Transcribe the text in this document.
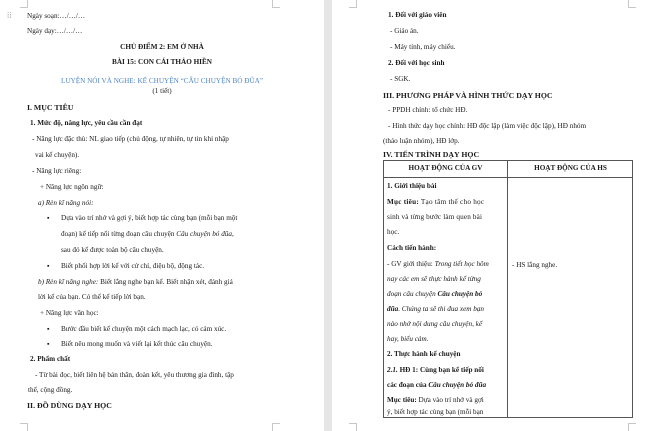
⁞⁞ Ngày soạn:…/…/…
Ngày dạy:…/…/…
CHỦ ĐIỂM 2: EM Ở NHÀ
BÀI 15: CON CÁI THẢO HIỀN
LUYỆN NÓI VÀ NGHE: KỂ CHUYỆN “CÂU CHUYỆN BÓ ĐŨA”
(1 tiết)
I. MỤC TIÊU
1. Mức độ, năng lực, yêu cầu cần đạt
- Năng lực đặc thù: NL giao tiếp (chủ động, tự nhiên, tự tin khi nhập
vai kể chuyện).
- Năng lực riêng:
+ Năng lực ngôn ngữ:
a) Rèn kĩ năng nói:
▪ Dựa vào trí nhớ và gợi ý, biết hợp tác cùng bạn (mỗi bạn một
đoạn) kể tiếp nối từng đoạn câu chuyện Câu chuyện bó đũa,
sau đó kể được toàn bộ câu chuyện.
▪ Biết phối hợp lời kể với cử chỉ, điệu bộ, động tác.
b) Rèn kĩ năng nghe: Biết lắng nghe bạn kể. Biết nhận xét, đánh giá
lời kể của bạn. Có thể kể tiếp lời bạn.
+ Năng lực văn học:
▪ Bước đầu biết kể chuyện một cách mạch lạc, có cảm xúc.
▪ Biết nêu mong muốn và viết lại kết thúc câu chuyện.
2. Phẩm chất
- Từ bài đọc, biết liên hệ bản thân, đoàn kết, yêu thương gia đình, tập
thể, cộng đồng.
II. ĐỒ DÙNG DẠY HỌC
1. Đối với giáo viên
- Giáo án.
- Máy tính, máy chiếu.
2. Đối với học sinh
- SGK.
III. PHƯƠNG PHÁP VÀ HÌNH THỨC DẠY HỌC
- PPDH chính: tổ chức HĐ.
- Hình thức dạy học chính: HĐ độc lập (làm việc độc lập), HĐ nhóm
(thảo luận nhóm), HĐ lớp.
IV. TIẾN TRÌNH DẠY HỌC
HOẠT ĐỘNG CỦA GV	HOẠT ĐỘNG CỦA HS
1. Giới thiệu bài
Mục tiêu: Tạo tâm thế cho học
sinh và từng bước làm quen bài
học.
Cách tiến hành:
- GV giới thiệu: Trong tiết học hôm
nay các em sẽ thực hành kể từng
đoạn câu chuyện Câu chuyện bó
đũa. Chúng ta sẽ thi đua xem bạn
nào nhớ nội dung câu chuyện, kể
hay, biểu cảm.
2. Thực hành kể chuyện
2.1. HĐ 1: Cùng bạn kể tiếp nối
các đoạn của Câu chuyện bó đũa
Mục tiêu: Dựa vào trí nhớ và gợi
ý, biết hợp tác cùng bạn (mỗi bạn
- HS lắng nghe.
